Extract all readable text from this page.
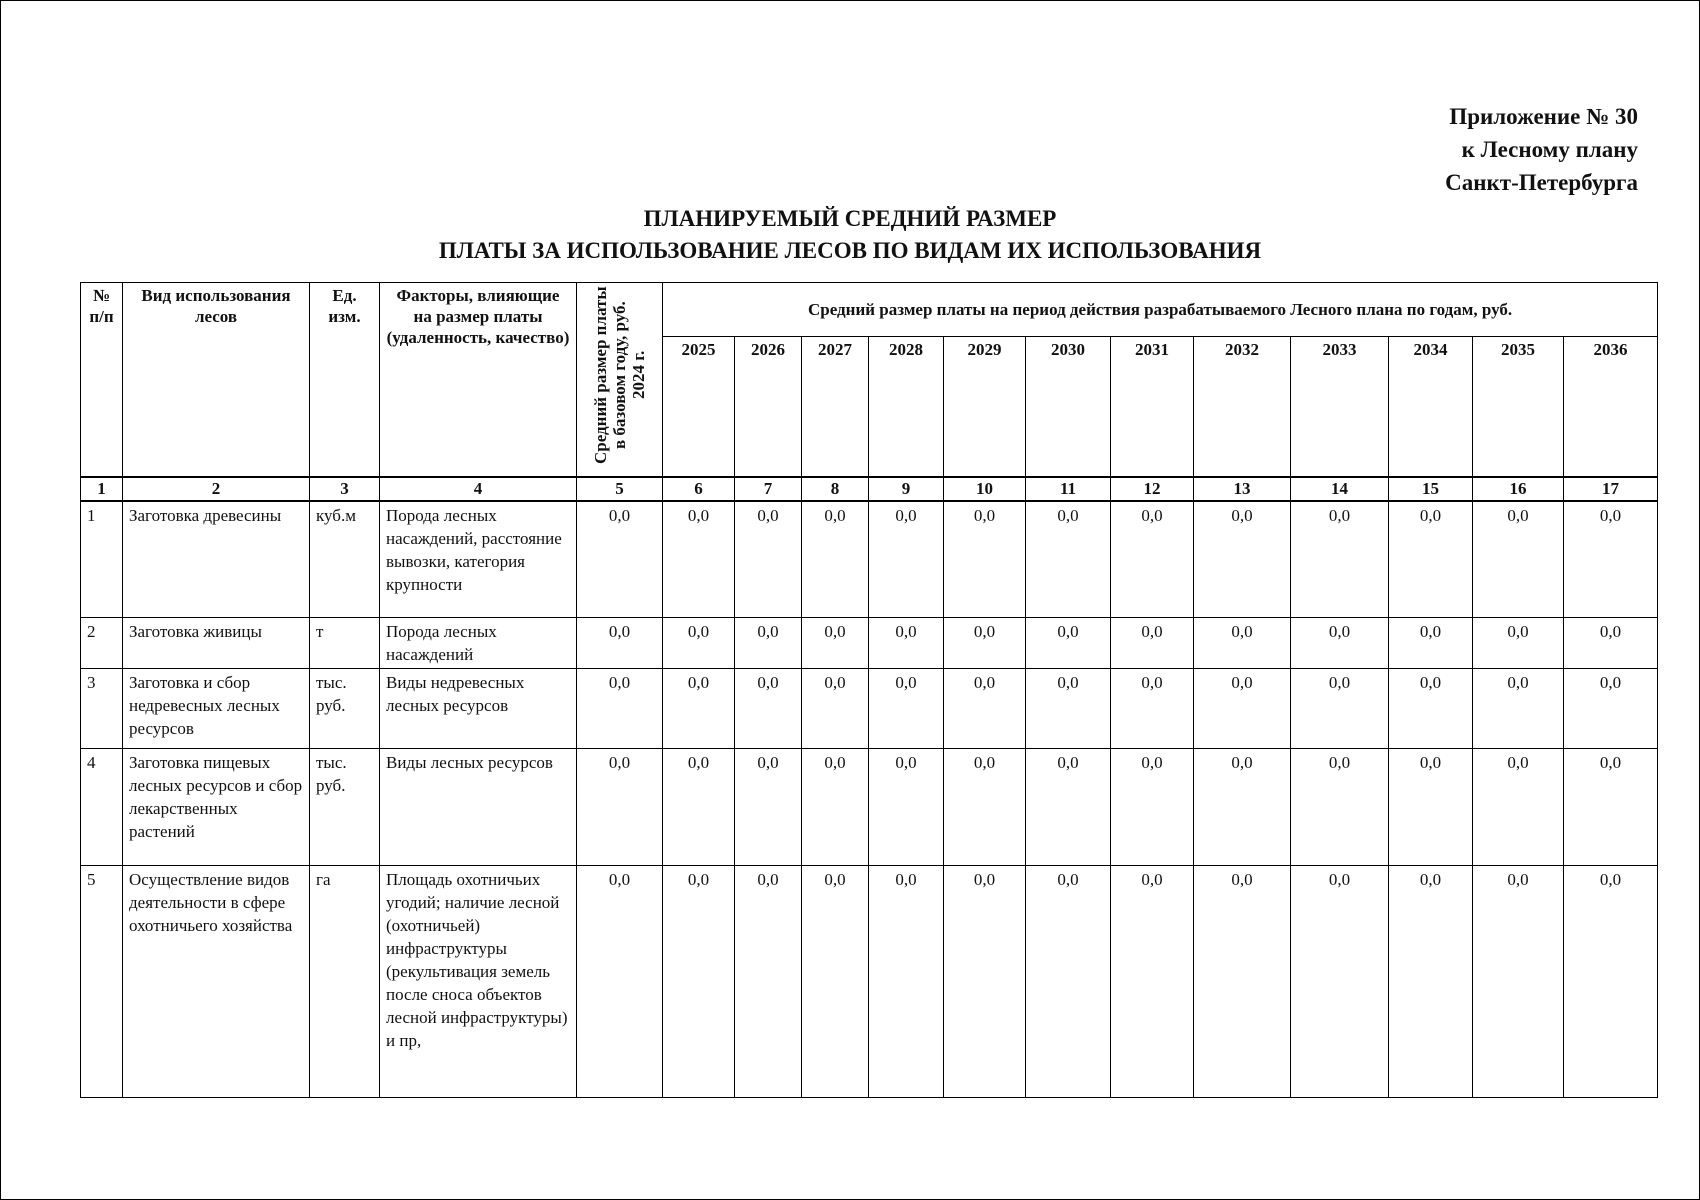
Приложение № 30
к Лесному плану
Санкт-Петербурга
ПЛАНИРУЕМЫЙ СРЕДНИЙ РАЗМЕР
ПЛАТЫ ЗА ИСПОЛЬЗОВАНИЕ ЛЕСОВ ПО ВИДАМ ИХ ИСПОЛЬЗОВАНИЯ
№ п/п	Вид использования лесов	Ед. изм.	Факторы, влияющие на размер платы (удаленность, качество)	Средний размер платы в базовом году, руб. 2024 г.	Средний размер платы на период действия разрабатываемого Лесного плана по годам, руб.											
					2025	2026	2027	2028	2029	2030	2031	2032	2033	2034	2035	2036
1	2	3	4	5	6	7	8	9	10	11	12	13	14	15	16	17
1	Заготовка древесины	куб.м	Порода лесных насаждений, расстояние вывозки, категория крупности	0,0	0,0	0,0	0,0	0,0	0,0	0,0	0,0	0,0	0,0	0,0	0,0	0,0
2	Заготовка живицы	т	Порода лесных насаждений	0,0	0,0	0,0	0,0	0,0	0,0	0,0	0,0	0,0	0,0	0,0	0,0	0,0
3	Заготовка и сбор недревесных лесных ресурсов	тыс. руб.	Виды недревесных лесных ресурсов	0,0	0,0	0,0	0,0	0,0	0,0	0,0	0,0	0,0	0,0	0,0	0,0	0,0
4	Заготовка пищевых лесных ресурсов и сбор лекарственных растений	тыс. руб.	Виды лесных ресурсов	0,0	0,0	0,0	0,0	0,0	0,0	0,0	0,0	0,0	0,0	0,0	0,0	0,0
5	Осуществление видов деятельности в сфере охотничьего хозяйства	га	Площадь охотничьих угодий; наличие лесной (охотничьей) инфраструктуры (рекультивация земель после сноса объектов лесной инфраструктуры) и пр,	0,0	0,0	0,0	0,0	0,0	0,0	0,0	0,0	0,0	0,0	0,0	0,0	0,0
